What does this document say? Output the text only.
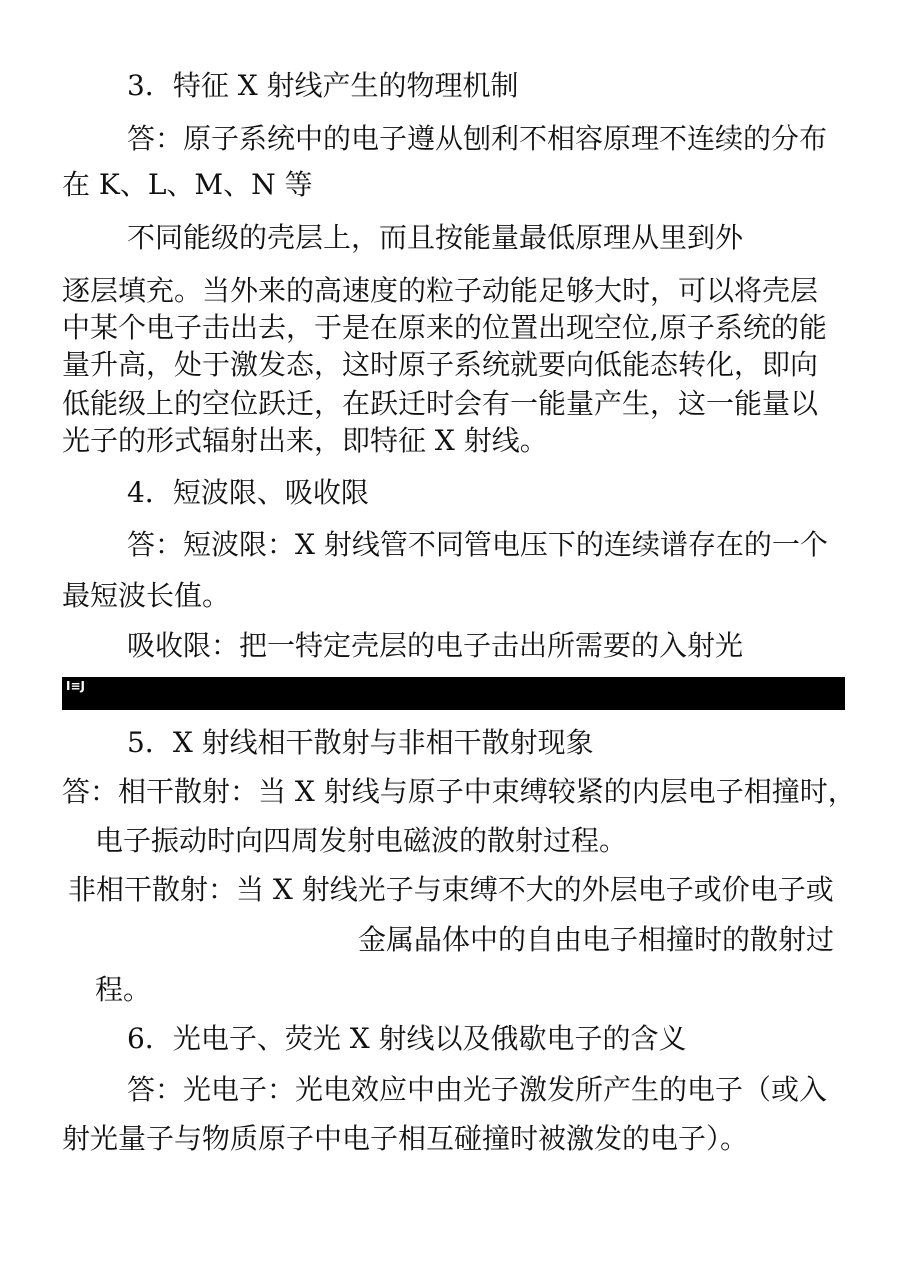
3．特征 X 射线产生的物理机制
答：原子系统中的电子遵从刨利不相容原理不连续的分布
在 K、L、M、N 等
不同能级的壳层上，而且按能量最低原理从里到外
逐层填充。当外来的高速度的粒子动能足够大时，可以将壳层
中某个电子击出去，于是在原来的位置出现空位,原子系统的能
量升高，处于激发态，这时原子系统就要向低能态转化，即向
低能级上的空位跃迁，在跃迁时会有一能量产生，这一能量以
光子的形式辐射出来，即特征 X 射线。
4．短波限、吸收限
答：短波限：X 射线管不同管电压下的连续谱存在的一个
最短波长值。
吸收限：把一特定壳层的电子击出所需要的入射光
I≡J
5．X 射线相干散射与非相干散射现象
答：相干散射：当 X 射线与原子中束缚较紧的内层电子相撞时，
电子振动时向四周发射电磁波的散射过程。
非相干散射：当 X 射线光子与束缚不大的外层电子或价电子或
金属晶体中的自由电子相撞时的散射过
程。
6．光电子、荧光 X 射线以及俄歇电子的含义
答：光电子：光电效应中由光子激发所产生的电子（或入
射光量子与物质原子中电子相互碰撞时被激发的电子）。
